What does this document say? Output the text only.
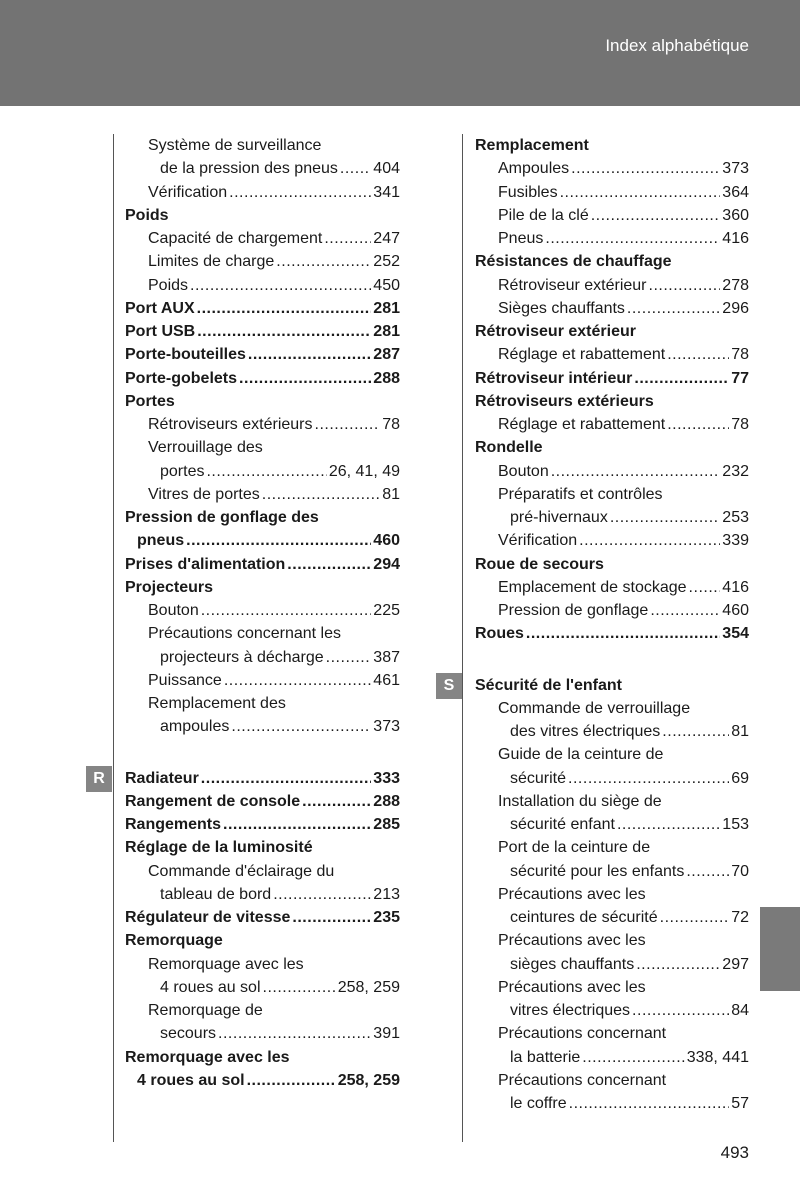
Index alphabétique
Système de surveillance
de la pression des pneus ..... 404
Vérification .....	341
Poids
Capacité de chargement .....	247
Limites de charge .....	252
Poids .....	450
Port AUX .....	281
Port USB .....	281
Porte-bouteilles .....	287
Porte-gobelets .....	288
Portes
Rétroviseurs extérieurs .....	78
Verrouillage des
portes .....	26, 41, 49
Vitres de portes .....	81
Pression de gonflage des
pneus .....	460
Prises d'alimentation .....	294
Projecteurs
Bouton .....	225
Précautions concernant les
projecteurs à décharge .....	387
Puissance .....	461
Remplacement des
ampoules .....	373
Radiateur .....	333
Rangement de console .....	288
Rangements .....	285
Réglage de la luminosité
Commande d'éclairage du
tableau de bord .....	213
Régulateur de vitesse .....	235
Remorquage
Remorquage avec les
4 roues au sol .....	258, 259
Remorquage de
secours .....	391
Remorquage avec les
4 roues au sol .....	258, 259
Remplacement
Ampoules .....	373
Fusibles .....	364
Pile de la clé .....	360
Pneus .....	416
Résistances de chauffage
Rétroviseur extérieur .....	278
Sièges chauffants .....	296
Rétroviseur extérieur
Réglage et rabattement .....	78
Rétroviseur intérieur .....	77
Rétroviseurs extérieurs
Réglage et rabattement .....	78
Rondelle
Bouton .....	232
Préparatifs et contrôles
pré-hivernaux .....	253
Vérification .....	339
Roue de secours
Emplacement de stockage ..... 416
Pression de gonflage .....	460
Roues .....	354
Sécurité de l'enfant
Commande de verrouillage
des vitres électriques .....	81
Guide de la ceinture de
sécurité .....	69
Installation du siège de
sécurité enfant .....	153
Port de la ceinture de
sécurité pour les enfants .....	70
Précautions avec les
ceintures de sécurité .....	72
Précautions avec les
sièges chauffants .....	297
Précautions avec les
vitres électriques .....	84
Précautions concernant
la batterie .....	338, 441
Précautions concernant
le coffre .....	57
493
R
S
